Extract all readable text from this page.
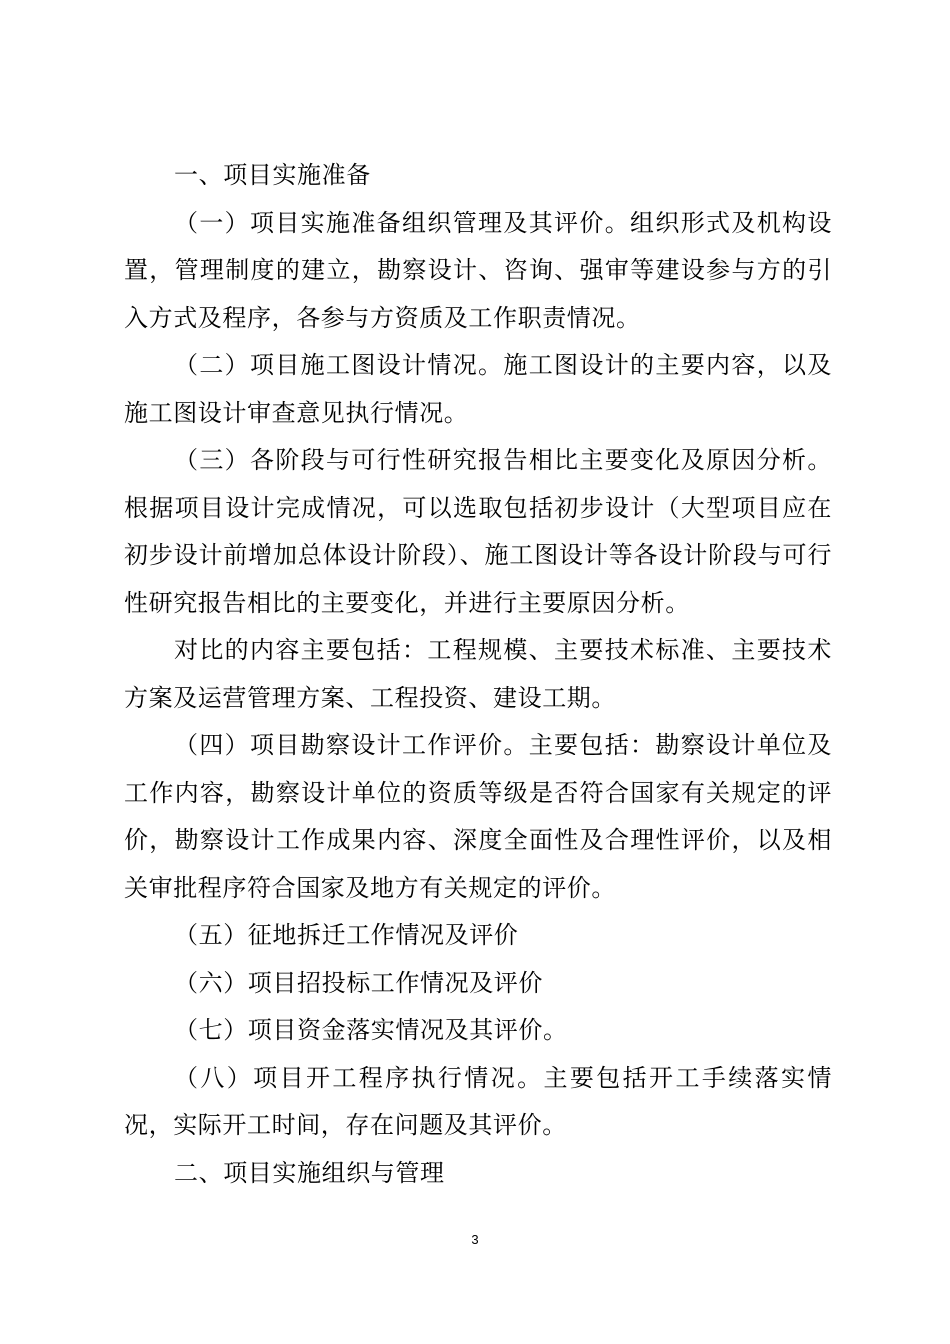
一、项目实施准备

（一）项目实施准备组织管理及其评价。组织形式及机构设置，管理制度的建立，勘察设计、咨询、强审等建设参与方的引入方式及程序，各参与方资质及工作职责情况。

（二）项目施工图设计情况。施工图设计的主要内容，以及施工图设计审查意见执行情况。

（三）各阶段与可行性研究报告相比主要变化及原因分析。根据项目设计完成情况，可以选取包括初步设计（大型项目应在初步设计前增加总体设计阶段）、施工图设计等各设计阶段与可行性研究报告相比的主要变化，并进行主要原因分析。

对比的内容主要包括：工程规模、主要技术标准、主要技术方案及运营管理方案、工程投资、建设工期。

（四）项目勘察设计工作评价。主要包括：勘察设计单位及工作内容，勘察设计单位的资质等级是否符合国家有关规定的评价，勘察设计工作成果内容、深度全面性及合理性评价，以及相关审批程序符合国家及地方有关规定的评价。

（五）征地拆迁工作情况及评价

（六）项目招投标工作情况及评价

（七）项目资金落实情况及其评价。

（八）项目开工程序执行情况。主要包括开工手续落实情况，实际开工时间，存在问题及其评价。

二、项目实施组织与管理

3
